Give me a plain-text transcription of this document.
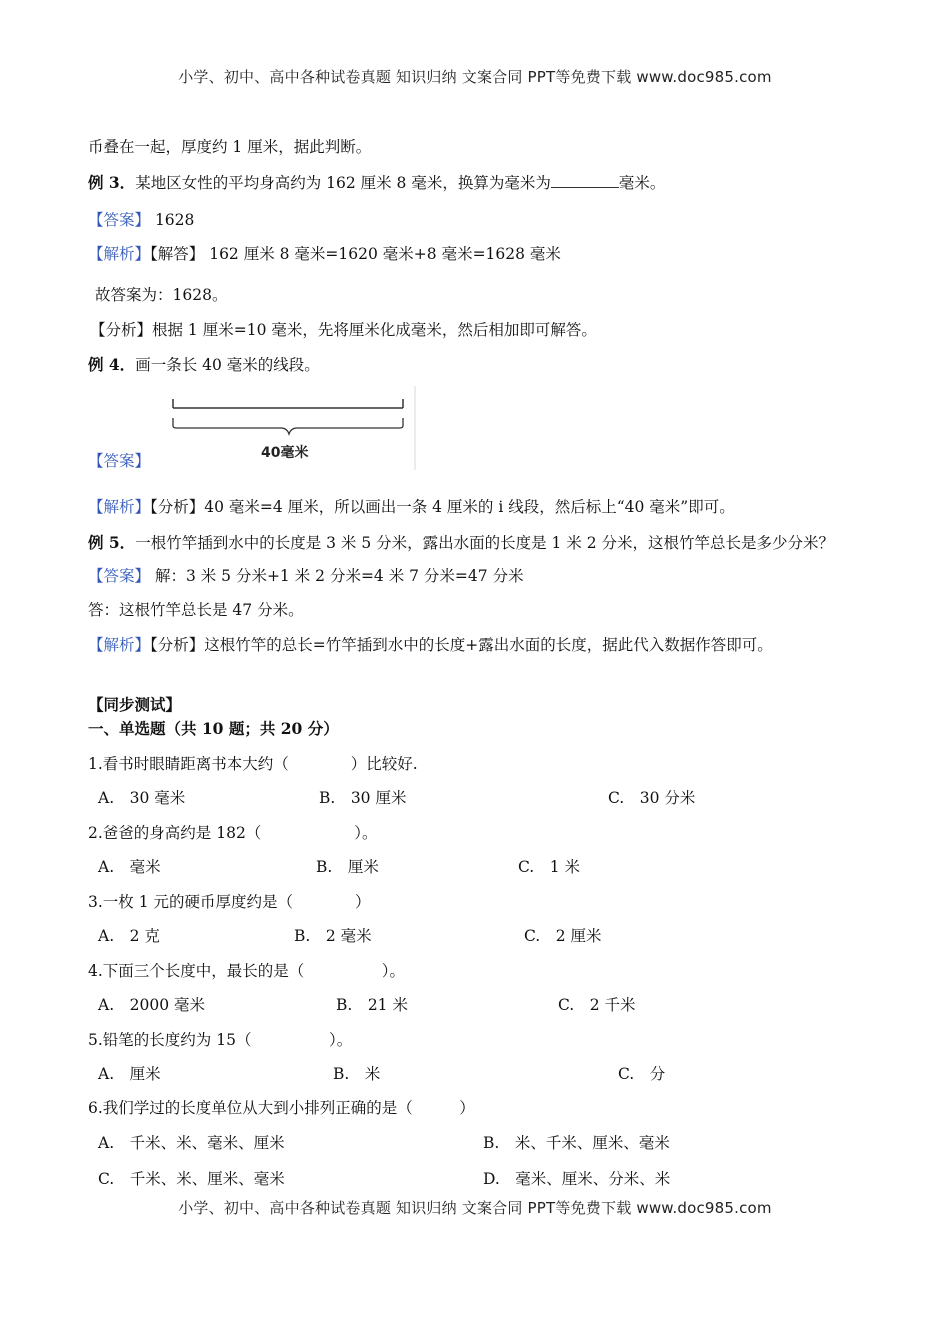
小学、初中、高中各种试卷真题 知识归纳 文案合同 PPT等免费下载 www.doc985.com
币叠在一起，厚度约 1 厘米，据此判断。
例 3．某地区女性的平均身高约为 162 厘米 8 毫米，换算为毫米为	毫米。
【答案】 1628
【解析】【解答】 162 厘米 8 毫米=1620 毫米+8 毫米=1628 毫米
故答案为：1628。
【分析】根据 1 厘米=10 毫米，先将厘米化成毫米，然后相加即可解答。
例 4．画一条长 40 毫米的线段。
40毫米
【答案】
【解析】【分析】40 毫米=4 厘米，所以画出一条 4 厘米的 i 线段，然后标上“40 毫米”即可。
例 5．一根竹竿插到水中的长度是 3 米 5 分米，露出水面的长度是 1 米 2 分米，这根竹竿总长是多少分米？
【答案】 解：3 米 5 分米+1 米 2 分米=4 米 7 分米=47 分米
答：这根竹竿总长是 47 分米。
【解析】【分析】这根竹竿的总长=竹竿插到水中的长度+露出水面的长度，据此代入数据作答即可。
【同步测试】
一、单选题（共 10 题；共 20 分）
1.看书时眼睛距离书本大约（　　　　）比较好.
A.　30 毫米	B.　30 厘米	C.　30 分米
2.爸爸的身高约是 182（　　　　　　）。
A.　毫米	B.　厘米	C.　1 米
3.一枚 1 元的硬币厚度约是（　　　　）
A.　2 克	B.　2 毫米	C.　2 厘米
4.下面三个长度中，最长的是（　　　　　）。
A.　2000 毫米	B.　21 米	C.　2 千米
5.铅笔的长度约为 15（　　　　　）。
A.　厘米	B.　米	C.　分
6.我们学过的长度单位从大到小排列正确的是（　　　）
A.　千米、米、毫米、厘米	B.　米、千米、厘米、毫米
C.　千米、米、厘米、毫米	D.　毫米、厘米、分米、米
小学、初中、高中各种试卷真题 知识归纳 文案合同 PPT等免费下载 www.doc985.com
